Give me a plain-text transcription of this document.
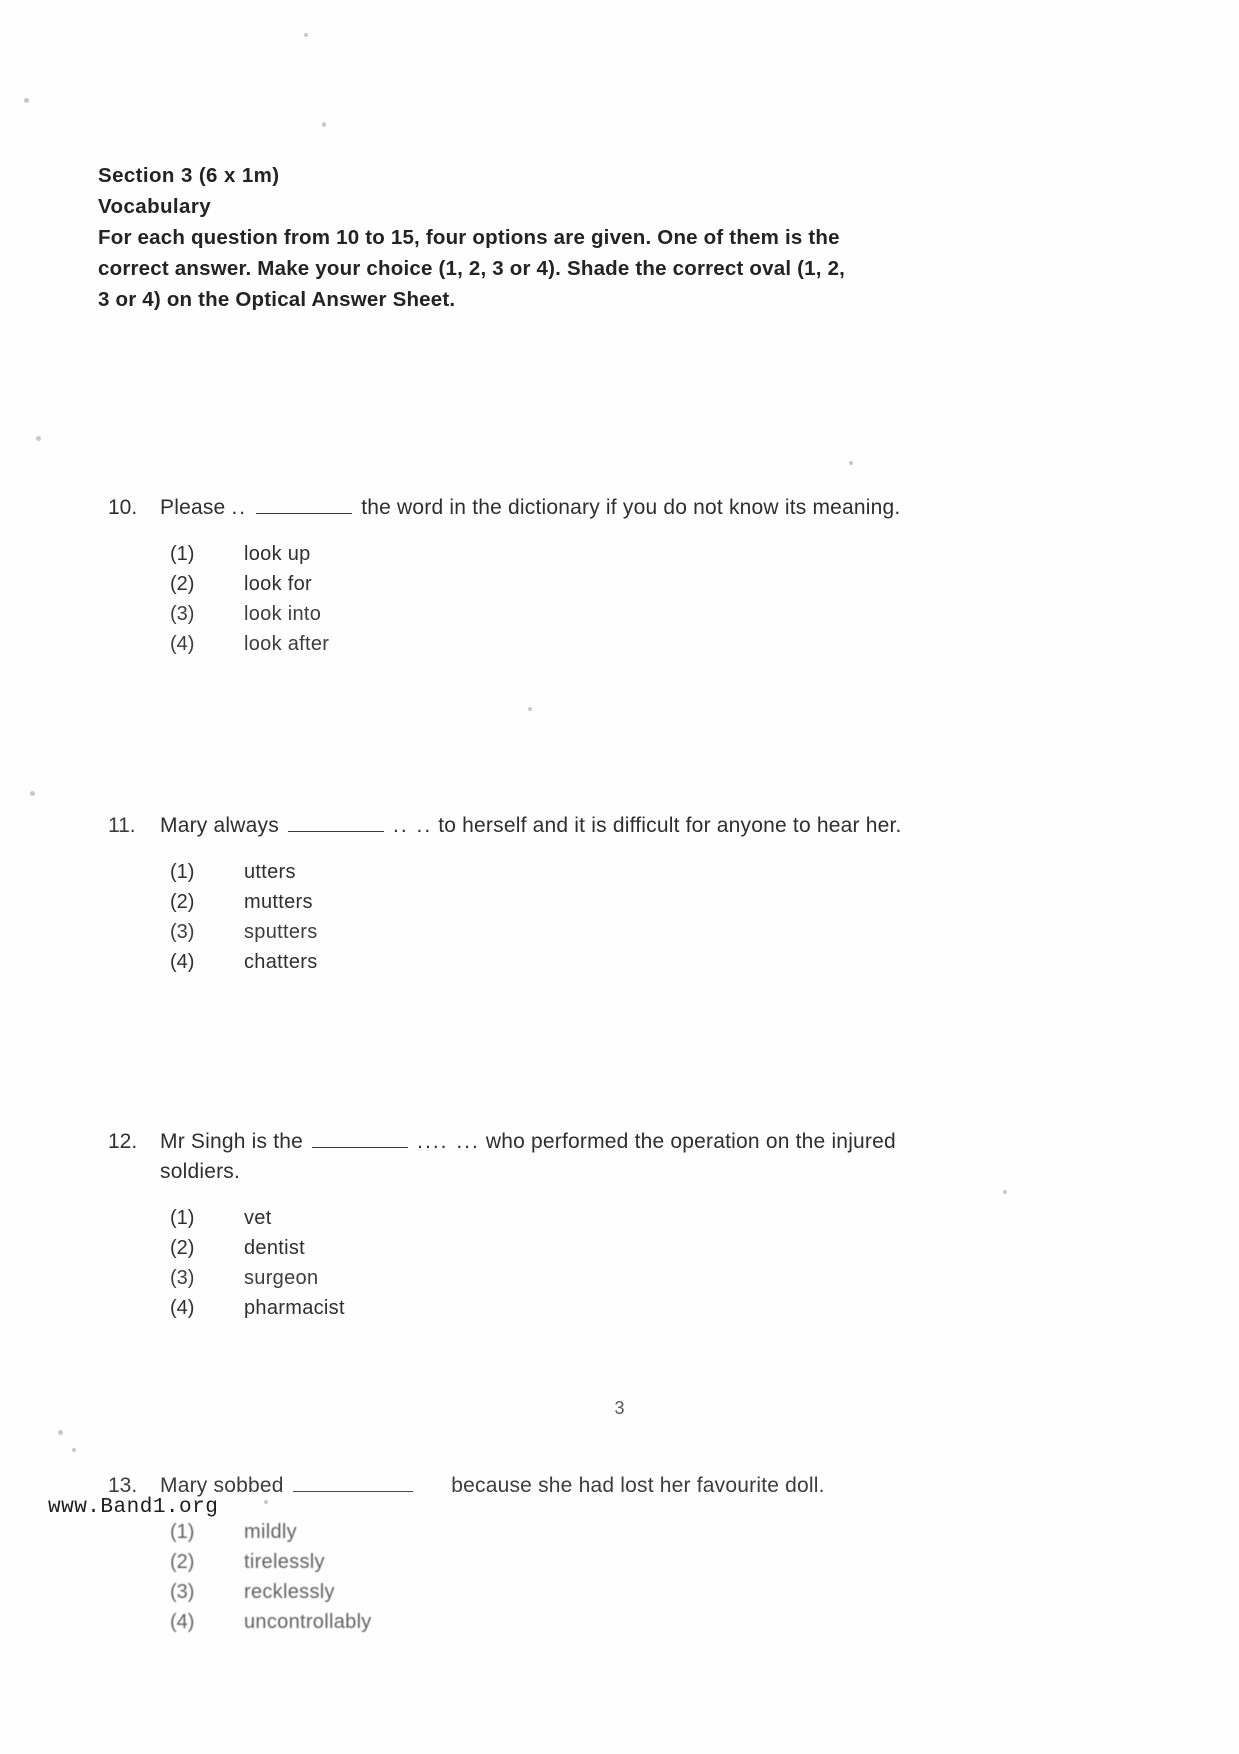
Section 3 (6 x 1m)
Vocabulary
For each question from 10 to 15, four options are given. One of them is the
correct answer. Make your choice (1, 2, 3 or 4). Shade the correct oval (1, 2,
3 or 4) on the Optical Answer Sheet.
10.	Please ..	the word in the dictionary if you do not know its meaning.
(1)	look up
(2)	look for
(3)	look into
(4)	look after
11.	Mary always	.. .. to herself and it is difficult for anyone to hear her.
(1)	utters
(2)	mutters
(3)	sputters
(4)	chatters
12.	Mr Singh is the	.... ... who performed the operation on the injured
soldiers.
(1)	vet
(2)	dentist
(3)	surgeon
(4)	pharmacist
13.	Mary sobbed	because she had lost her favourite doll.
(1)	mildly
(2)	tirelessly
(3)	recklessly
(4)	uncontrollably
3
www.Band1.org
